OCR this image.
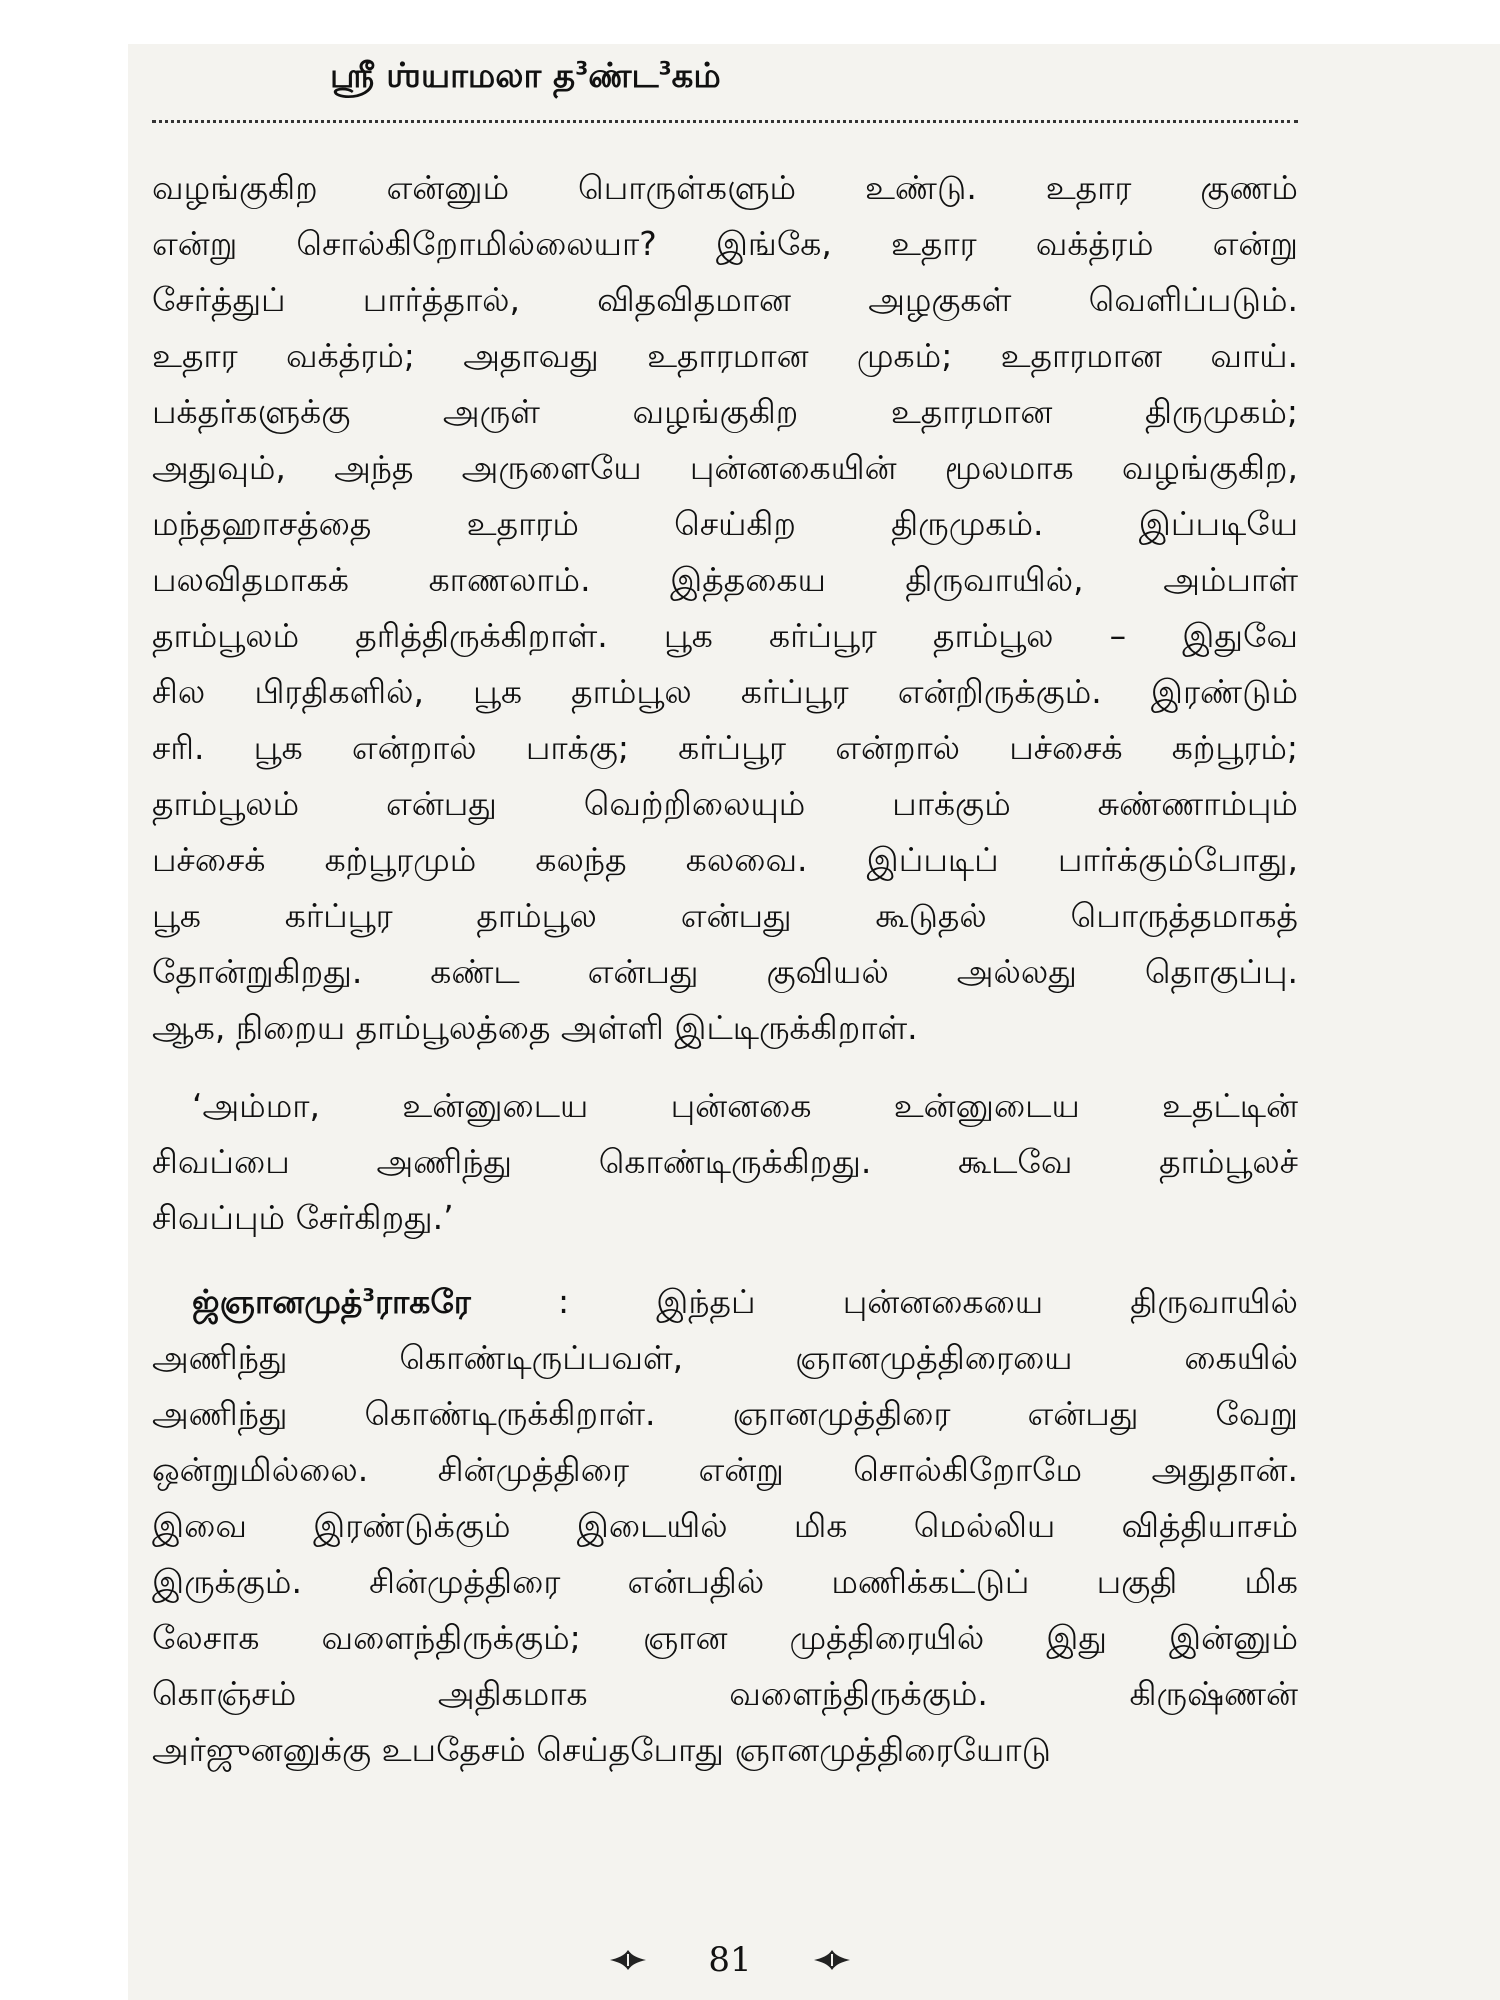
ஸ்ரீ ஶ்யாமலா த$^3$ண்ட$^3$கம்
வழங்குகிற என்னும் பொருள்களும் உண்டு. உதார குணம்
என்று சொல்கிறோமில்லையா? இங்கே, உதார வக்த்ரம் என்று
சேர்த்துப் பார்த்தால், விதவிதமான அழகுகள் வெளிப்படும்.
உதார வக்த்ரம்; அதாவது உதாரமான முகம்; உதாரமான வாய்.
பக்தர்களுக்கு அருள் வழங்குகிற உதாரமான திருமுகம்;
அதுவும், அந்த அருளையே புன்னகையின் மூலமாக வழங்குகிற,
மந்தஹாசத்தை உதாரம் செய்கிற திருமுகம். இப்படியே
பலவிதமாகக் காணலாம். இத்தகைய திருவாயில், அம்பாள்
தாம்பூலம் தரித்திருக்கிறாள். பூக கர்ப்பூர தாம்பூல – இதுவே
சில பிரதிகளில், பூக தாம்பூல கர்ப்பூர என்றிருக்கும். இரண்டும்
சரி. பூக என்றால் பாக்கு; கர்ப்பூர என்றால் பச்சைக் கற்பூரம்;
தாம்பூலம் என்பது வெற்றிலையும் பாக்கும் சுண்ணாம்பும்
பச்சைக் கற்பூரமும் கலந்த கலவை. இப்படிப் பார்க்கும்போது,
பூக கர்ப்பூர தாம்பூல என்பது கூடுதல் பொருத்தமாகத்
தோன்றுகிறது. கண்ட என்பது குவியல் அல்லது தொகுப்பு.
ஆக, நிறைய தாம்பூலத்தை அள்ளி இட்டிருக்கிறாள்.
‘அம்மா, உன்னுடைய புன்னகை உன்னுடைய உதட்டின்
சிவப்பை அணிந்து கொண்டிருக்கிறது. கூடவே தாம்பூலச்
சிவப்பும் சேர்கிறது.’
ஜ்ஞானமுத்$^3$ராகரே : இந்தப் புன்னகையை திருவாயில்
அணிந்து கொண்டிருப்பவள், ஞானமுத்திரையை கையில்
அணிந்து கொண்டிருக்கிறாள். ஞானமுத்திரை என்பது வேறு
ஒன்றுமில்லை. சின்முத்திரை என்று சொல்கிறோமே அதுதான்.
இவை இரண்டுக்கும் இடையில் மிக மெல்லிய வித்தியாசம்
இருக்கும். சின்முத்திரை என்பதில் மணிக்கட்டுப் பகுதி மிக
லேசாக வளைந்திருக்கும்; ஞான முத்திரையில் இது இன்னும்
கொஞ்சம் அதிகமாக வளைந்திருக்கும். கிருஷ்ணன்
அர்ஜுனனுக்கு உபதேசம் செய்தபோது ஞானமுத்திரையோடு
81
